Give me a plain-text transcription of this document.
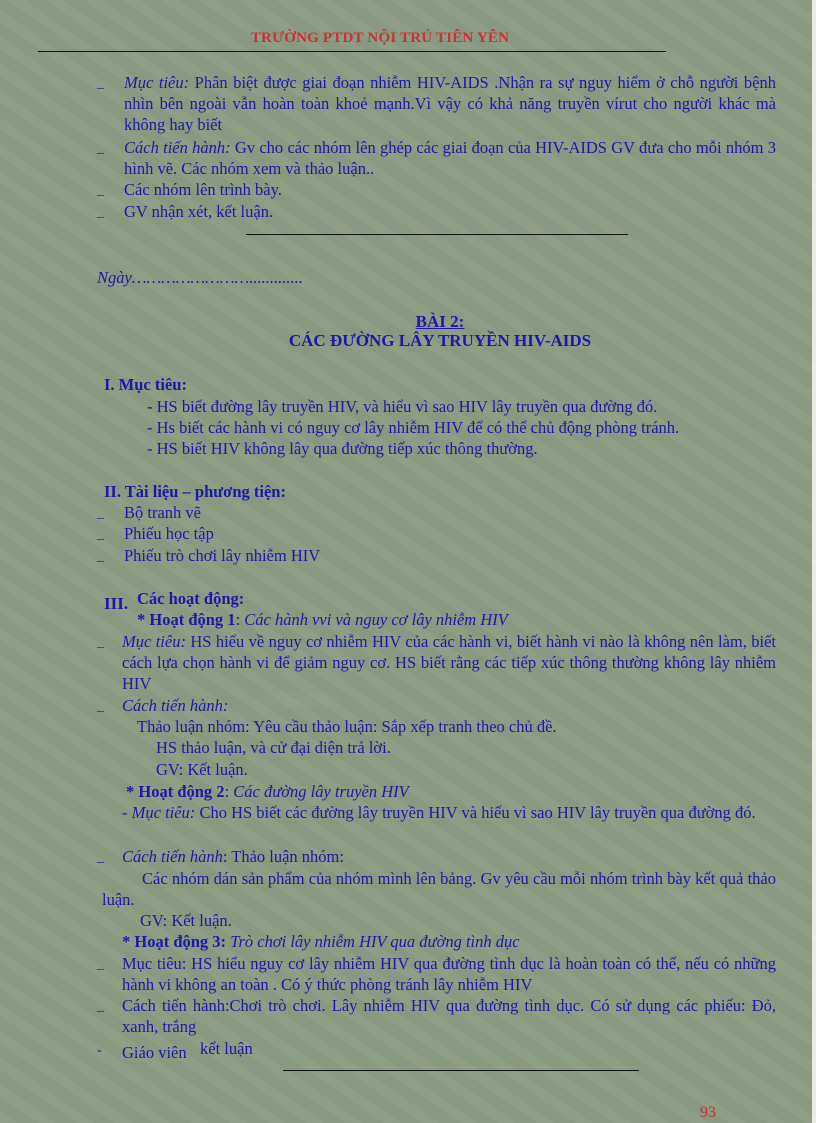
TRƯỜNG PTDT NỘI TRÚ TIÊN YÊN
_ Mục tiêu: Phân biệt được giai đoạn nhiễm HIV-AIDS .Nhận ra sự nguy hiểm ở chỗ người bệnh nhìn bên ngoài vẫn hoàn toàn khoẻ mạnh.Vì vậy có khả năng truyền vírut cho người khác mà không hay biết
_ Cách tiến hành: Gv cho các nhóm lên ghép các giai đoạn của HIV-AIDS GV đưa cho mỗi nhóm 3 hình vẽ. Các nhóm xem và thảo luận..
_ Các nhóm lên trình bày.
_ GV nhận xét, kết luận.
Ngày…………………….............
BÀI 2:
CÁC ĐƯỜNG LÂY TRUYỀN HIV-AIDS
I. Mục tiêu:
- HS biết đường lây truyền HIV, và hiểu vì sao HIV lây truyền qua đường đó.
- Hs biết các hành vi có nguy cơ lây nhiễm HIV để có thể chủ động phòng tránh.
- HS biết HIV không lây qua đường tiếp xúc thông thường.
II. Tài liệu – phương tiện:
_ Bộ tranh vẽ
_ Phiếu học tập
_ Phiếu trò chơi lây nhiễm HIV
III. Các hoạt động:
* Hoạt động 1: Các hành vvi và nguy cơ lây nhiễm HIV
_ Mục tiêu: HS hiểu về nguy cơ nhiễm HIV của các hành vi, biết hành vi nào là không nên làm, biết cách lựa chọn hành vi để giảm nguy cơ. HS biết rằng các tiếp xúc thông thường không lây nhiễm HIV
_ Cách tiến hành:
Thảo luận nhóm: Yêu cầu thảo luận: Sắp xếp tranh theo chủ đề.
HS thảo luận, và cử đại diện trả lời.
GV: Kết luận.
* Hoạt động 2: Các đường lây truyền HIV
- Mục tiêu: Cho HS biết các đường lây truyền HIV và hiểu vì sao HIV lây truyền qua đường đó.
_ Cách tiến hành: Thảo luận nhóm:
Các nhóm dán sản phẩm của nhóm mình lên bảng. Gv yêu cầu mỗi nhóm trình bày kết quả thảo luận.
GV: Kết luận.
* Hoạt động 3: Trò chơi lây nhiễm HIV qua đường tình dục
_ Mục tiêu: HS hiểu nguy cơ lây nhiễm HIV qua đường tình dục là hoàn toàn có thể, nếu có những hành vi không an toàn . Có ý thức phòng tránh lây nhiễm HIV
_ Cách tiến hành:Chơi trò chơi. Lây nhiễm HIV qua đường tình dục. Có sử dụng các phiếu: Đỏ, xanh, trắng
- Giáo viên kết luận
93
